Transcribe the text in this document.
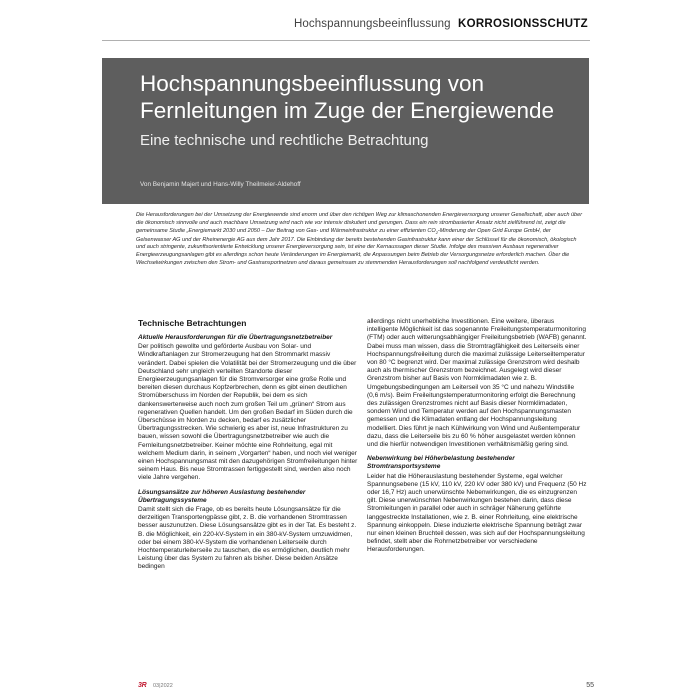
Hochspannungsbeeinflussung KORROSIONSSCHUTZ
Hochspannungsbeeinflussung von
Fernleitungen im Zuge der Energiewende
Eine technische und rechtliche Betrachtung
Von Benjamin Majert und Hans-Willy Theilmeier-Aldehoff

Die Herausforderungen bei der Umsetzung der Energiewende sind enorm und über den richtigen Weg zur klimaschonenden Energieversorgung unserer Gesellschaft, aber auch über die ökonomisch sinnvolle und auch machbare Umsetzung wird nach wie vor intensiv diskutiert und gerungen. Dass ein rein strombasierter Ansatz nicht zielführend ist, zeigt die gemeinsame Studie „Energiemarkt 2030 und 2050 – Der Beitrag von Gas- und Wärmeinfrastruktur zu einer effizienten $CO_2$-Minderung der Open Grid Europe GmbH, der Gelsenwasser AG und der Rheinenergie AG aus dem Jahr 2017. Die Einbindung der bereits bestehenden Gasinfrastruktur kann einer der Schlüssel für die ökonomisch, ökologisch und auch stringente, zukunftsorientierte Entwicklung unserer Energieversorgung sein, ist eine der Kernaussagen dieser Studie. Infolge des massiven Ausbaus regenerativer Energieerzeugungsanlagen gibt es allerdings schon heute Veränderungen im Energiemarkt, die Anpassungen beim Betrieb der Versorgungsnetze erforderlich machen. Über die Wechselwirkungen zwischen den Strom- und Gastransportnetzen und daraus gemeinsam zu stemmenden Herausforderungen soll nachfolgend verdeutlicht werden.

Technische Betrachtungen

Aktuelle Herausforderungen für die Übertragungsnetzbetreiber

Der politisch gewollte und geförderte Ausbau von Solar- und Windkraftanlagen zur Stromerzeugung hat den Strommarkt massiv verändert. Dabei spielen die Volatilität bei der Stromerzeugung und die über Deutschland sehr ungleich verteilten Standorte dieser Energieerzeugungsanlagen für die Stromversorger eine große Rolle und bereiten diesen durchaus Kopfzerbrechen, denn es gibt einen deutlichen Stromüberschuss im Norden der Republik, bei dem es sich dankenswerterweise auch noch zum großen Teil um „grünen“ Strom aus regenerativen Quellen handelt. Um den großen Bedarf im Süden durch die Überschüsse im Norden zu decken, bedarf es zusätzlicher Übertragungsstrecken. Wie schwierig es aber ist, neue Infrastrukturen zu bauen, wissen sowohl die Übertragungsnetzbetreiber wie auch die Fernleitungsnetzbetreiber. Keiner möchte eine Rohrleitung, egal mit welchem Medium darin, in seinem „Vorgarten“ haben, und noch viel weniger einen Hochspannungsmast mit den dazugehörigen Stromfreileitungen hinter seinem Haus. Bis neue Stromtrassen fertiggestellt sind, werden also noch viele Jahre vergehen.

Lösungsansätze zur höheren Auslastung bestehender Übertragungssysteme

Damit stellt sich die Frage, ob es bereits heute Lösungsansätze für die derzeitigen Transportengpässe gibt, z. B. die vorhandenen Stromtrassen besser auszunutzen. Diese Lösungsansätze gibt es in der Tat. Es besteht z. B. die Möglichkeit, ein 220-kV-System in ein 380-kV-System umzuwidmen, oder bei einem 380-kV-System die vorhandenen Leiterseile durch Hochtemperaturleiterseile zu tauschen, die es ermöglichen, deutlich mehr Leistung über das System zu fahren als bisher. Diese beiden Ansätze bedingen

allerdings nicht unerhebliche Investitionen. Eine weitere, überaus intelligente Möglichkeit ist das sogenannte Freileitungstemperaturmonitoring (FTM) oder auch witterungsabhängiger Freileitungsbetrieb (WAFB) genannt. Dabei muss man wissen, dass die Stromtragfähigkeit des Leiterseils einer Hochspannungsfreileitung durch die maximal zulässige Leiterseiltemperatur von 80 °C begrenzt wird. Der maximal zulässige Grenzstrom wird deshalb auch als thermischer Grenzstrom bezeichnet. Ausgelegt wird dieser Grenzstrom bisher auf Basis von Normklimadaten wie z. B. Umgebungsbedingungen am Leiterseil von 35 °C und nahezu Windstille (0,6 m/s). Beim Freileitungstemperaturmonitoring erfolgt die Berechnung des zulässigen Grenzstromes nicht auf Basis dieser Normklimadaten, sondern Wind und Temperatur werden auf den Hochspannungsmasten gemessen und die Klimadaten entlang der Hochspannungsleitung modelliert. Dies führt je nach Kühlwirkung von Wind und Außentemperatur dazu, dass die Leiterseile bis zu 60 % höher ausgelastet werden können und die hierfür notwendigen Investitionen verhältnismäßig gering sind.

Nebenwirkung bei Höherbelastung bestehender Stromtransportsysteme

Leider hat die Höherauslastung bestehender Systeme, egal welcher Spannungsebene (15 kV, 110 kV, 220 kV oder 380 kV) und Frequenz (50 Hz oder 16,7 Hz) auch unerwünschte Nebenwirkungen, die es einzugrenzen gilt. Diese unerwünschten Nebenwirkungen bestehen darin, dass diese Stromleitungen in parallel oder auch in schräger Näherung geführte langgestreckte Installationen, wie z. B. einer Rohrleitung, eine elektrische Spannung einkoppeln. Diese induzierte elektrische Spannung beträgt zwar nur einen kleinen Bruchteil dessen, was sich auf der Hochspannungsleitung befindet, stellt aber die Rohrnetzbetreiber vor verschiedene Herausforderungen.

3R 03|2022	55
